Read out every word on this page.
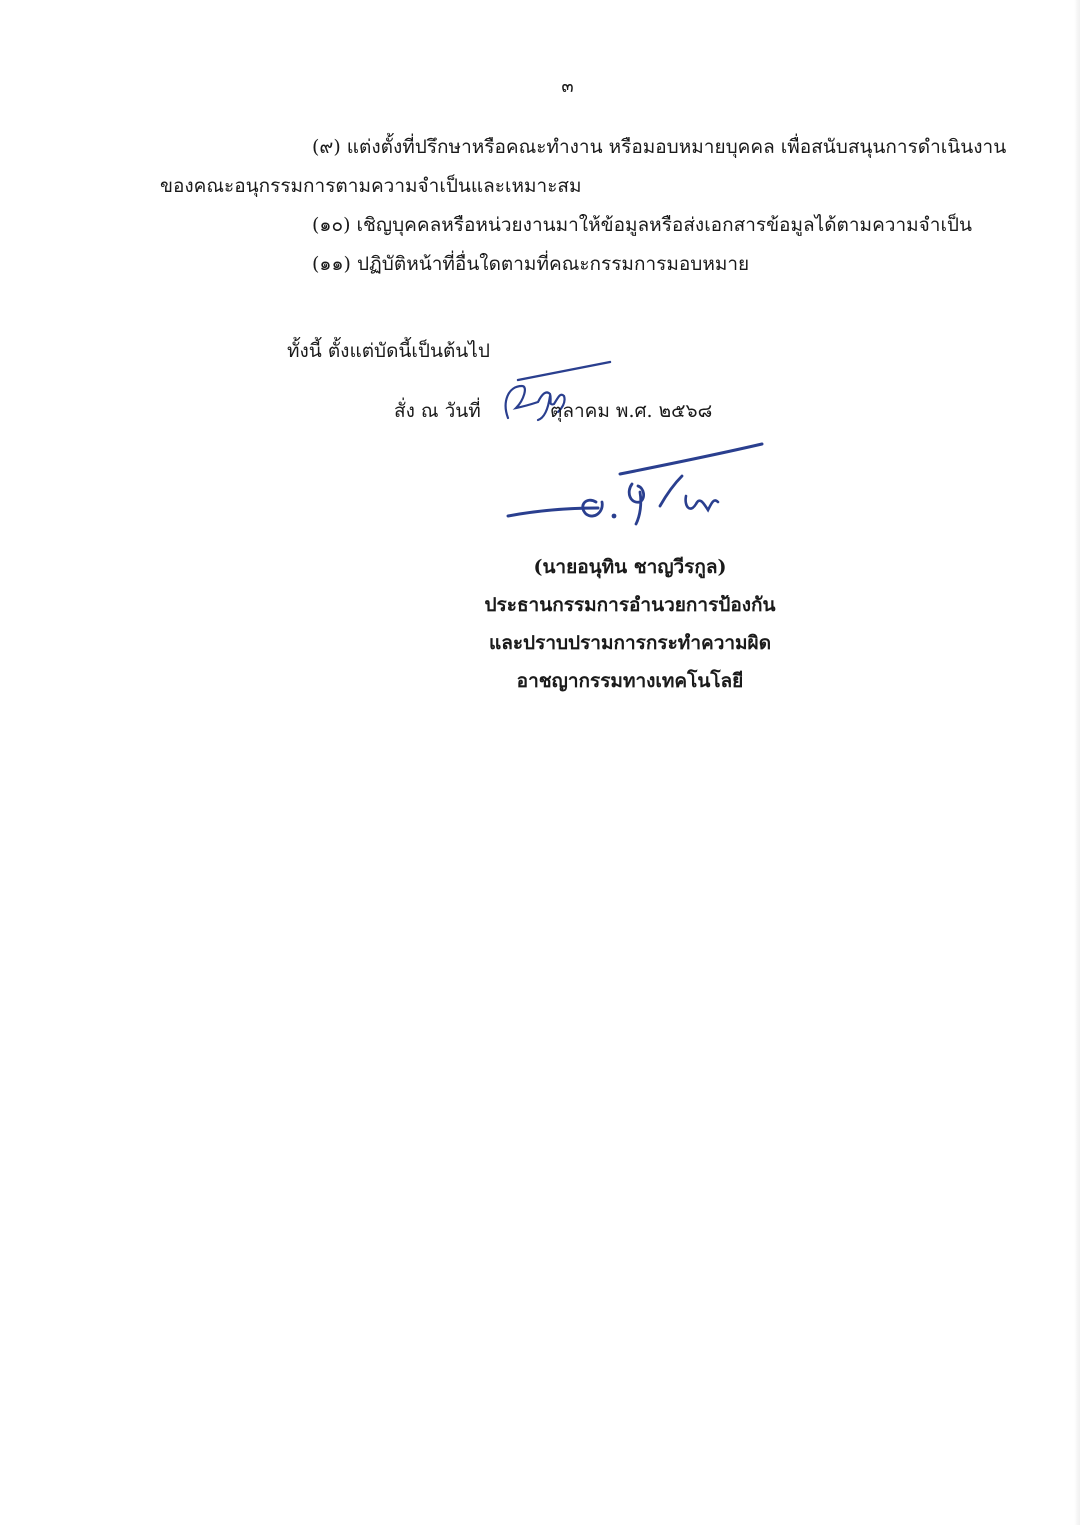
๓
(๙) แต่งตั้งที่ปรึกษาหรือคณะทำงาน หรือมอบหมายบุคคล เพื่อสนับสนุนการดำเนินงาน
ของคณะอนุกรรมการตามความจำเป็นและเหมาะสม
(๑๐) เชิญบุคคลหรือหน่วยงานมาให้ข้อมูลหรือส่งเอกสารข้อมูลได้ตามความจำเป็น
(๑๑) ปฏิบัติหน้าที่อื่นใดตามที่คณะกรรมการมอบหมาย
ทั้งนี้ ตั้งแต่บัดนี้เป็นต้นไป
สั่ง ณ วันที่	ตุลาคม พ.ศ. ๒๕๖๘
(นายอนุทิน ชาญวีรกูล)
ประธานกรรมการอำนวยการป้องกัน
และปราบปรามการกระทำความผิด
อาชญากรรมทางเทคโนโลยี
